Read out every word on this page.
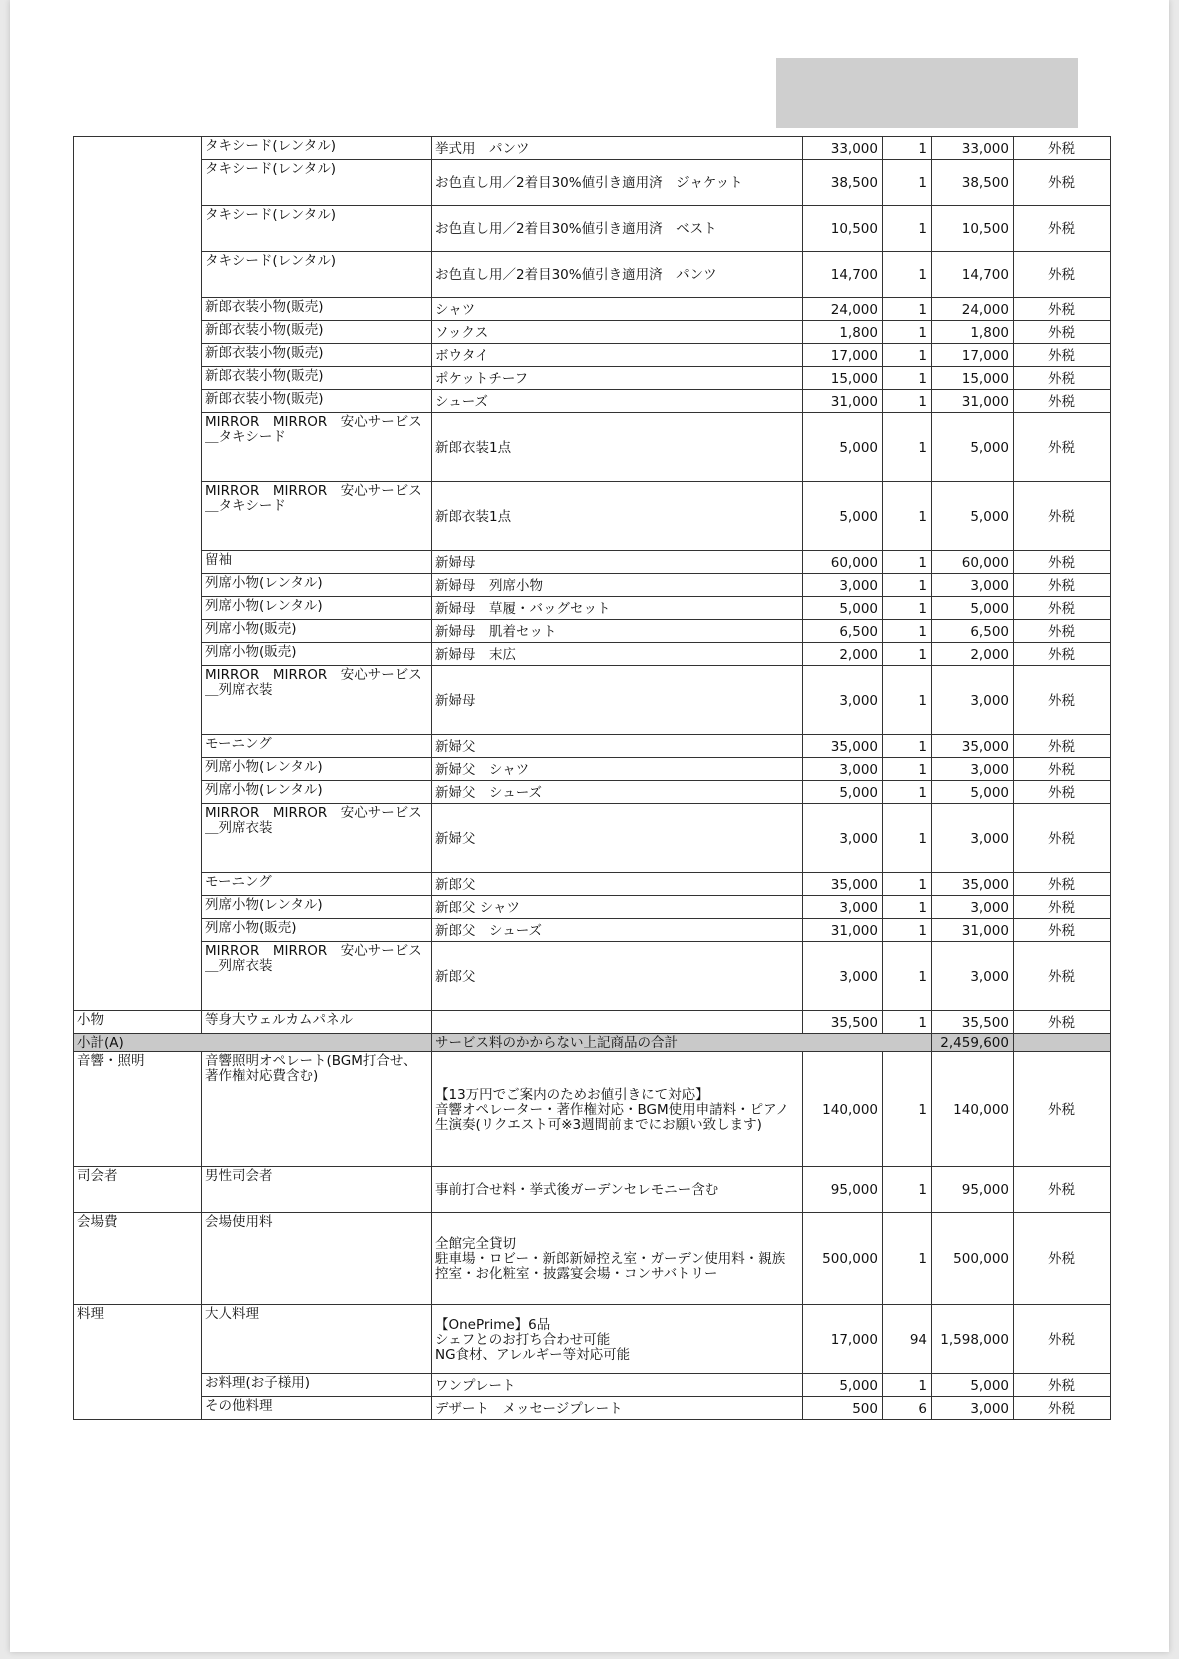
	タキシード(レンタル)	挙式用　パンツ	33,000	1	33,000	外税
	タキシード(レンタル)	お色直し用／2着目30%値引き適用済　ジャケット	38,500	1	38,500	外税
	タキシード(レンタル)	お色直し用／2着目30%値引き適用済　ベスト	10,500	1	10,500	外税
	タキシード(レンタル)	お色直し用／2着目30%値引き適用済　パンツ	14,700	1	14,700	外税
	新郎衣装小物(販売)	シャツ	24,000	1	24,000	外税
	新郎衣装小物(販売)	ソックス	1,800	1	1,800	外税
	新郎衣装小物(販売)	ボウタイ	17,000	1	17,000	外税
	新郎衣装小物(販売)	ポケットチーフ	15,000	1	15,000	外税
	新郎衣装小物(販売)	シューズ	31,000	1	31,000	外税
	MIRROR　MIRROR　安心サービス
＿タキシード	新郎衣装1点	5,000	1	5,000	外税
	MIRROR　MIRROR　安心サービス
＿タキシード	新郎衣装1点	5,000	1	5,000	外税
	留袖	新婦母	60,000	1	60,000	外税
	列席小物(レンタル)	新婦母　列席小物	3,000	1	3,000	外税
	列席小物(レンタル)	新婦母　草履・バッグセット	5,000	1	5,000	外税
	列席小物(販売)	新婦母　肌着セット	6,500	1	6,500	外税
	列席小物(販売)	新婦母　末広	2,000	1	2,000	外税
	MIRROR　MIRROR　安心サービス
＿列席衣装	新婦母	3,000	1	3,000	外税
	モーニング	新婦父	35,000	1	35,000	外税
	列席小物(レンタル)	新婦父　シャツ	3,000	1	3,000	外税
	列席小物(レンタル)	新婦父　シューズ	5,000	1	5,000	外税
	MIRROR　MIRROR　安心サービス
＿列席衣装	新婦父	3,000	1	3,000	外税
	モーニング	新郎父	35,000	1	35,000	外税
	列席小物(レンタル)	新郎父 シャツ	3,000	1	3,000	外税
	列席小物(販売)	新郎父　シューズ	31,000	1	31,000	外税
	MIRROR　MIRROR　安心サービス
＿列席衣装	新郎父	3,000	1	3,000	外税
小物	等身大ウェルカムパネル		35,500	1	35,500	外税
小計(A)		サービス料のかからない上記商品の合計			2,459,600	
音響・照明	音響照明オペレート(BGM打合せ、
著作権対応費含む)	【13万円でご案内のためお値引きにて対応】
音響オペレーター・著作権対応・BGM使用申請料・ピアノ生演奏(リクエスト可※3週間前までにお願い致します)	140,000	1	140,000	外税
司会者	男性司会者	事前打合せ料・挙式後ガーデンセレモニー含む	95,000	1	95,000	外税
会場費	会場使用料	全館完全貸切
駐車場・ロビー・新郎新婦控え室・ガーデン使用料・親族控室・お化粧室・披露宴会場・コンサバトリー	500,000	1	500,000	外税
料理	大人料理	【OnePrime】6品
シェフとのお打ち合わせ可能
NG食材、アレルギー等対応可能	17,000	94	1,598,000	外税
	お料理(お子様用)	ワンプレート	5,000	1	5,000	外税
	その他料理	デザート　メッセージプレート	500	6	3,000	外税
